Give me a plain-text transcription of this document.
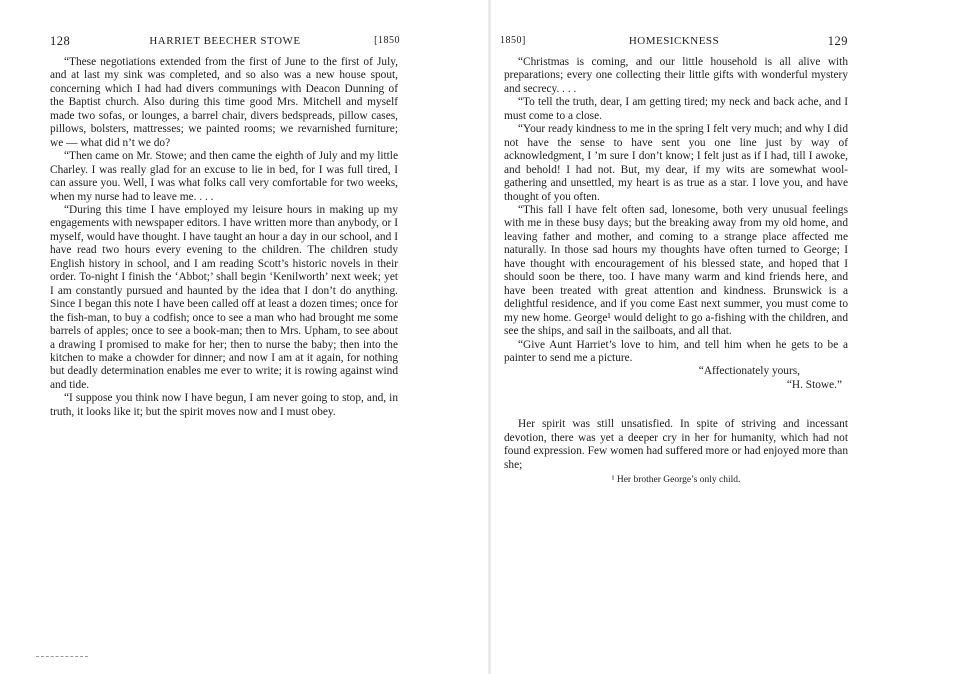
128	HARRIET BEECHER STOWE	[1850

“These negotiations extended from the first of June to the first of July, and at last my sink was completed, and so also was a new house spout, concerning which I had had divers communings with Deacon Dunning of the Baptist church. Also during this time good Mrs. Mitchell and myself made two sofas, or lounges, a barrel chair, divers bedspreads, pillow cases, pillows, bolsters, mattresses; we painted rooms; we revarnished furniture; we — what did n’t we do?

“Then came on Mr. Stowe; and then came the eighth of July and my little Charley. I was really glad for an excuse to lie in bed, for I was full tired, I can assure you. Well, I was what folks call very comfortable for two weeks, when my nurse had to leave me. . . .

“During this time I have employed my leisure hours in making up my engagements with newspaper editors. I have written more than anybody, or I myself, would have thought. I have taught an hour a day in our school, and I have read two hours every evening to the children. The children study English history in school, and I am reading Scott’s historic novels in their order. To-night I finish the ‘Abbot;’ shall begin ‘Kenilworth’ next week; yet I am constantly pursued and haunted by the idea that I don’t do anything. Since I began this note I have been called off at least a dozen times; once for the fish-man, to buy a codfish; once to see a man who had brought me some barrels of apples; once to see a book-man; then to Mrs. Upham, to see about a drawing I promised to make for her; then to nurse the baby; then into the kitchen to make a chowder for dinner; and now I am at it again, for nothing but deadly determination enables me ever to write; it is rowing against wind and tide.

“I suppose you think now I have begun, I am never going to stop, and, in truth, it looks like it; but the spirit moves now and I must obey.

1850]	HOMESICKNESS	129

“Christmas is coming, and our little household is all alive with preparations; every one collecting their little gifts with wonderful mystery and secrecy. . . .

“To tell the truth, dear, I am getting tired; my neck and back ache, and I must come to a close.

“Your ready kindness to me in the spring I felt very much; and why I did not have the sense to have sent you one line just by way of acknowledgment, I ’m sure I don’t know; I felt just as if I had, till I awoke, and behold! I had not. But, my dear, if my wits are somewhat wool-gathering and unsettled, my heart is as true as a star. I love you, and have thought of you often.

“This fall I have felt often sad, lonesome, both very unusual feelings with me in these busy days; but the breaking away from my old home, and leaving father and mother, and coming to a strange place affected me naturally. In those sad hours my thoughts have often turned to George; I have thought with encouragement of his blessed state, and hoped that I should soon be there, too. I have many warm and kind friends here, and have been treated with great attention and kindness. Brunswick is a delightful residence, and if you come East next summer, you must come to my new home. George¹ would delight to go a-fishing with the children, and see the ships, and sail in the sailboats, and all that.

“Give Aunt Harriet’s love to him, and tell him when he gets to be a painter to send me a picture.

“Affectionately yours,

“H. Stowe.”

Her spirit was still unsatisfied. In spite of striving and incessant devotion, there was yet a deeper cry in her for humanity, which had not found expression. Few women had suffered more or had enjoyed more than she;

¹ Her brother George’s only child.
